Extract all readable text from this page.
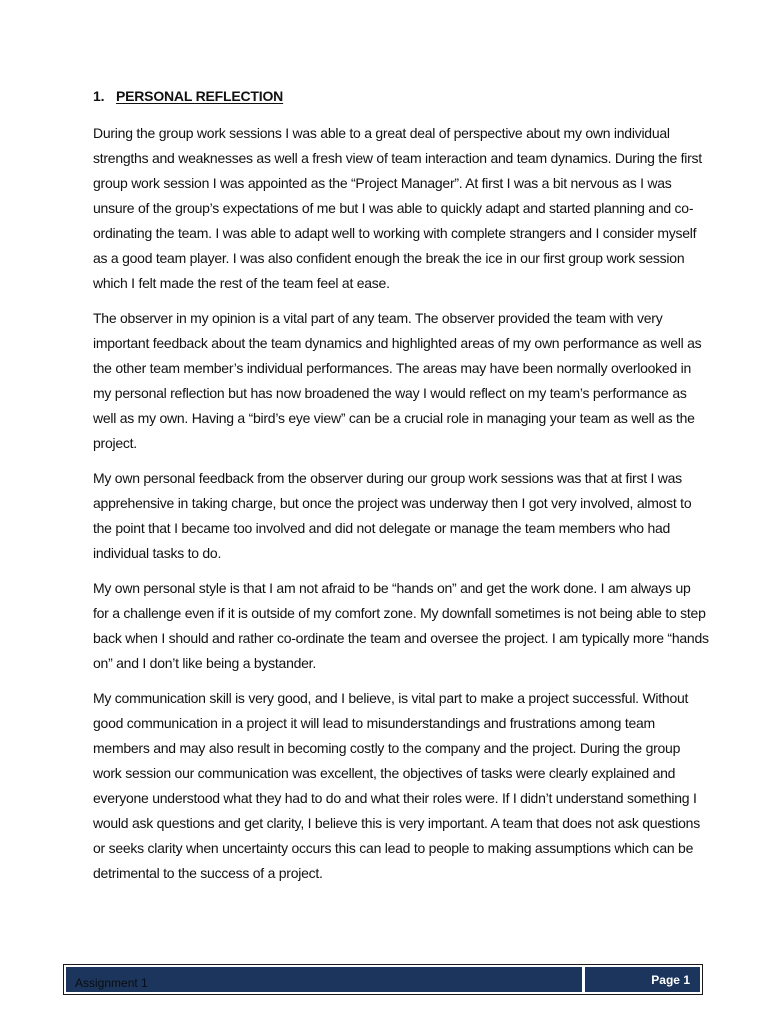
1. PERSONAL REFLECTION

During the group work sessions I was able to a great deal of perspective about my own individual
strengths and weaknesses as well a fresh view of team interaction and team dynamics. During the first
group work session I was appointed as the “Project Manager”. At first I was a bit nervous as I was
unsure of the group’s expectations of me but I was able to quickly adapt and started planning and co-
ordinating the team. I was able to adapt well to working with complete strangers and I consider myself
as a good team player. I was also confident enough the break the ice in our first group work session
which I felt made the rest of the team feel at ease.

The observer in my opinion is a vital part of any team. The observer provided the team with very
important feedback about the team dynamics and highlighted areas of my own performance as well as
the other team member’s individual performances. The areas may have been normally overlooked in
my personal reflection but has now broadened the way I would reflect on my team’s performance as
well as my own. Having a “bird’s eye view” can be a crucial role in managing your team as well as the
project.

My own personal feedback from the observer during our group work sessions was that at first I was
apprehensive in taking charge, but once the project was underway then I got very involved, almost to
the point that I became too involved and did not delegate or manage the team members who had
individual tasks to do.

My own personal style is that I am not afraid to be “hands on” and get the work done. I am always up
for a challenge even if it is outside of my comfort zone. My downfall sometimes is not being able to step
back when I should and rather co-ordinate the team and oversee the project. I am typically more “hands
on” and I don’t like being a bystander.

My communication skill is very good, and I believe, is vital part to make a project successful. Without
good communication in a project it will lead to misunderstandings and frustrations among team
members and may also result in becoming costly to the company and the project. During the group
work session our communication was excellent, the objectives of tasks were clearly explained and
everyone understood what they had to do and what their roles were. If I didn’t understand something I
would ask questions and get clarity, I believe this is very important. A team that does not ask questions
or seeks clarity when uncertainty occurs this can lead to people to making assumptions which can be
detrimental to the success of a project.

Assignment 1	Page 1
